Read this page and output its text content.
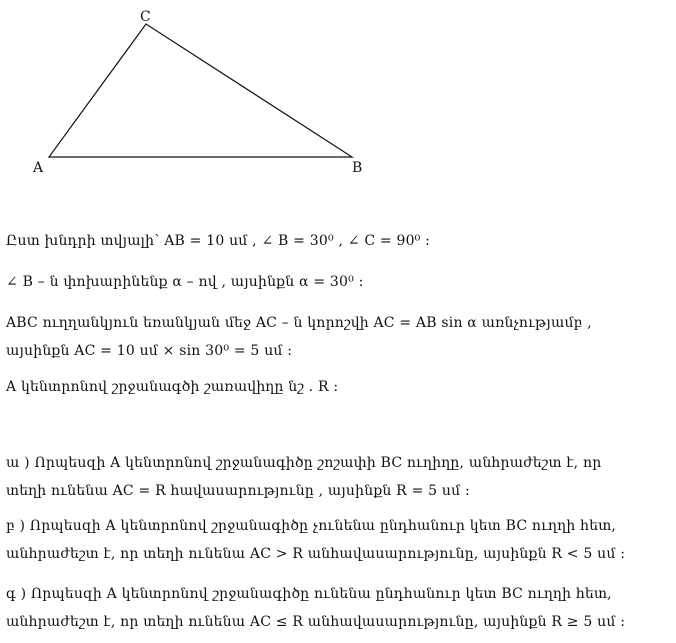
A	B
C
Ըստ խնդրի տվյալի՝ AB = 10 սմ , ∠ B = 30⁰ , ∠ C = 90⁰ :
∠ B – ն փոխարինենք α – ով , այսինքն α = 30⁰ :
ABC ուղղանկյուն եռանկյան մեջ AC – ն կորոշվի AC = AB sin α առնչությամբ ,
այսինքն AC = 10 սմ × sin 30⁰ = 5 սմ :
A կենտրոնով շրջանագծի շառավիղը նշ . R :
ա ) Որպեսզի A կենտրոնով շրջանագիծը շոշափի BC ուղիղը, անհրաժեշտ է, որ
տեղի ունենա AC = R հավասարությունը , այսինքն R = 5 սմ :
բ ) Որպեսզի A կենտրոնով շրջանագիծը չունենա ընդհանուր կետ BC ուղղի հետ,
անհրաժեշտ է, որ տեղի ունենա AC > R անհավասարությունը, այսինքն R < 5 սմ :
գ ) Որպեսզի A կենտրոնով շրջանագիծը ունենա ընդհանուր կետ BC ուղղի հետ,
անհրաժեշտ է, որ տեղի ունենա AC ≤ R անհավասարությունը, այսինքն R ≥ 5 սմ :
